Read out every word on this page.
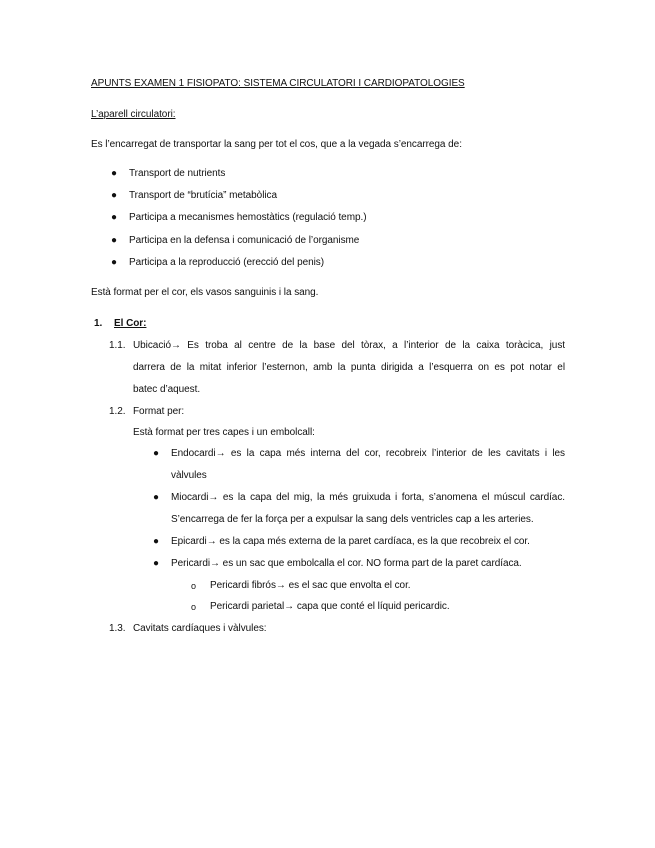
APUNTS EXAMEN 1 FISIOPATO: SISTEMA CIRCULATORI I CARDIOPATOLOGIES
L’aparell circulatori:
Es l’encarregat de transportar la sang per tot el cos, que a la vegada s’encarrega de:
● Transport de nutrients
● Transport de “brutícia” metabòlica
● Participa a mecanismes hemostàtics (regulació temp.)
● Participa en la defensa i comunicació de l’organisme
● Participa a la reproducció (erecció del penis)
Està format per el cor, els vasos sanguinis i la sang.
1. El Cor:
1.1. Ubicació→ Es troba al centre de la base del tòrax, a l’interior de la caixa toràcica, just
darrera de la mitat inferior l’esternon, amb la punta dirigida a l’esquerra on es pot notar el
batec d’aquest.
1.2. Format per:
Està format per tres capes i un embolcall:
● Endocardi→ es la capa més interna del cor, recobreix l’interior de les cavitats i les
vàlvules
● Miocardi→ es la capa del mig, la més gruixuda i forta, s’anomena el múscul cardíac.
S’encarrega de fer la força per a expulsar la sang dels ventricles cap a les arteries.
● Epicardi→ es la capa més externa de la paret cardíaca, es la que recobreix el cor.
● Pericardi→ es un sac que embolcalla el cor. NO forma part de la paret cardíaca.
o Pericardi fibrós→ es el sac que envolta el cor.
o Pericardi parietal→ capa que conté el líquid pericardic.
1.3. Cavitats cardíaques i vàlvules:
